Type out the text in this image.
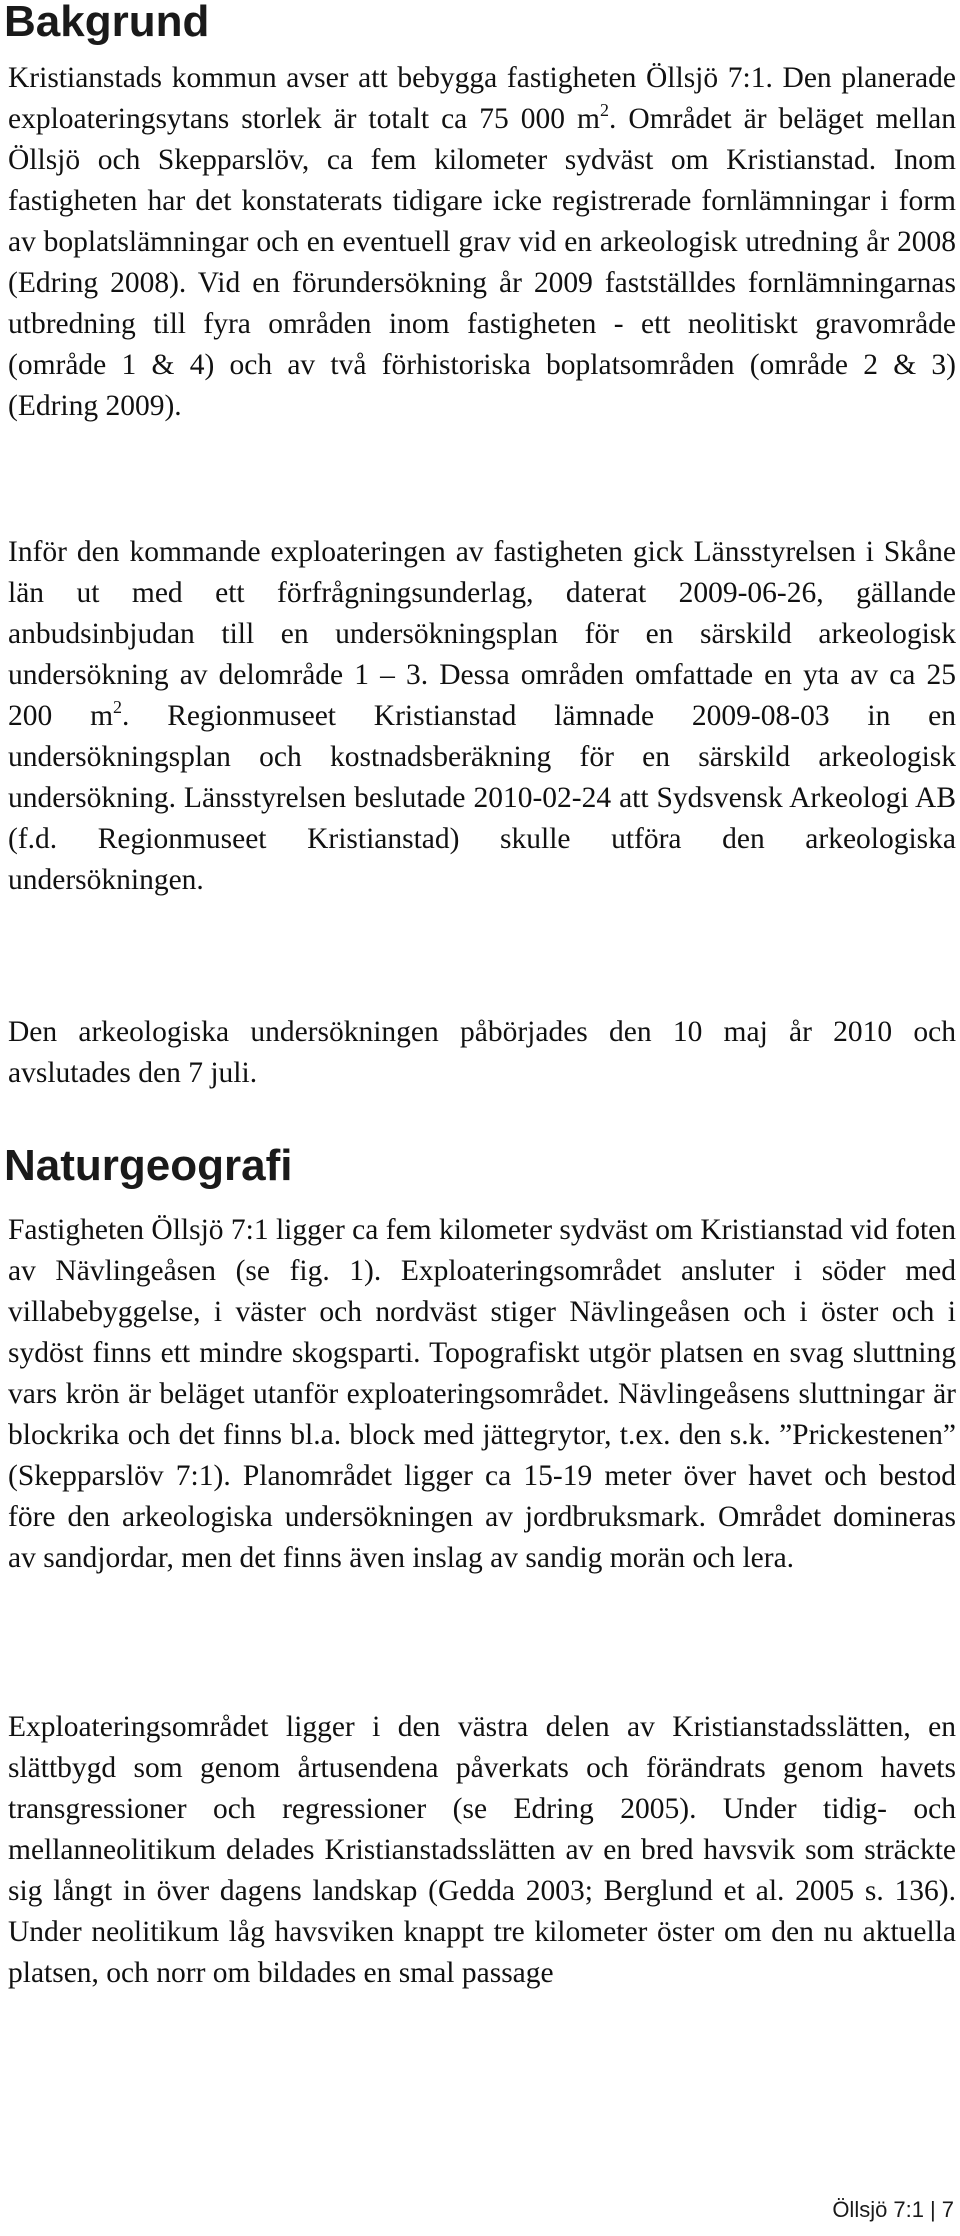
Bakgrund

Kristianstads kommun avser att bebygga fastigheten Öllsjö 7:1. Den planerade exploateringsytans storlek är totalt ca 75 000 $m^2$. Området är beläget mellan Öllsjö och Skepparslöv, ca fem kilometer sydväst om Kristianstad. Inom fastigheten har det konstaterats tidigare icke registrerade fornlämningar i form av boplatslämningar och en eventuell grav vid en arkeologisk utredning år 2008 (Edring 2008). Vid en förundersökning år 2009 fastställdes fornlämningarnas utbredning till fyra områden inom fastigheten - ett neolitiskt gravområde (område 1 & 4) och av två förhistoriska boplatsområden (område 2 & 3) (Edring 2009).

Inför den kommande exploateringen av fastigheten gick Länsstyrelsen i Skåne län ut med ett förfrågningsunderlag, daterat 2009-06-26, gällande anbudsinbjudan till en undersökningsplan för en särskild arkeologisk undersökning av delområde 1 – 3. Dessa områden omfattade en yta av ca 25 200 $m^2$. Regionmuseet Kristianstad lämnade 2009-08-03 in en undersökningsplan och kostnadsberäkning för en särskild arkeologisk undersökning. Länsstyrelsen beslutade 2010-02-24 att Sydsvensk Arkeologi AB (f.d. Regionmuseet Kristianstad) skulle utföra den arkeologiska undersökningen.

Den arkeologiska undersökningen påbörjades den 10 maj år 2010 och avslutades den 7 juli.

Naturgeografi

Fastigheten Öllsjö 7:1 ligger ca fem kilometer sydväst om Kristianstad vid foten av Nävlingeåsen (se fig. 1). Exploateringsområdet ansluter i söder med villabebyggelse, i väster och nordväst stiger Nävlingeåsen och i öster och i sydöst finns ett mindre skogsparti. Topografiskt utgör platsen en svag sluttning vars krön är beläget utanför exploateringsområdet. Nävlingeåsens sluttningar är blockrika och det finns bl.a. block med jättegrytor, t.ex. den s.k. ”Prickestenen” (Skepparslöv 7:1). Planområdet ligger ca 15-19 meter över havet och bestod före den arkeologiska undersökningen av jordbruksmark. Området domineras av sandjordar, men det finns även inslag av sandig morän och lera.

Exploateringsområdet ligger i den västra delen av Kristianstadsslätten, en slättbygd som genom årtusendena påverkats och förändrats genom havets transgressioner och regressioner (se Edring 2005). Under tidig- och mellanneolitikum delades Kristianstadsslätten av en bred havsvik som sträckte sig långt in över dagens landskap (Gedda 2003; Berglund et al. 2005 s. 136). Under neolitikum låg havsviken knappt tre kilometer öster om den nu aktuella platsen, och norr om bildades en smal passage

Öllsjö 7:1 | 7
